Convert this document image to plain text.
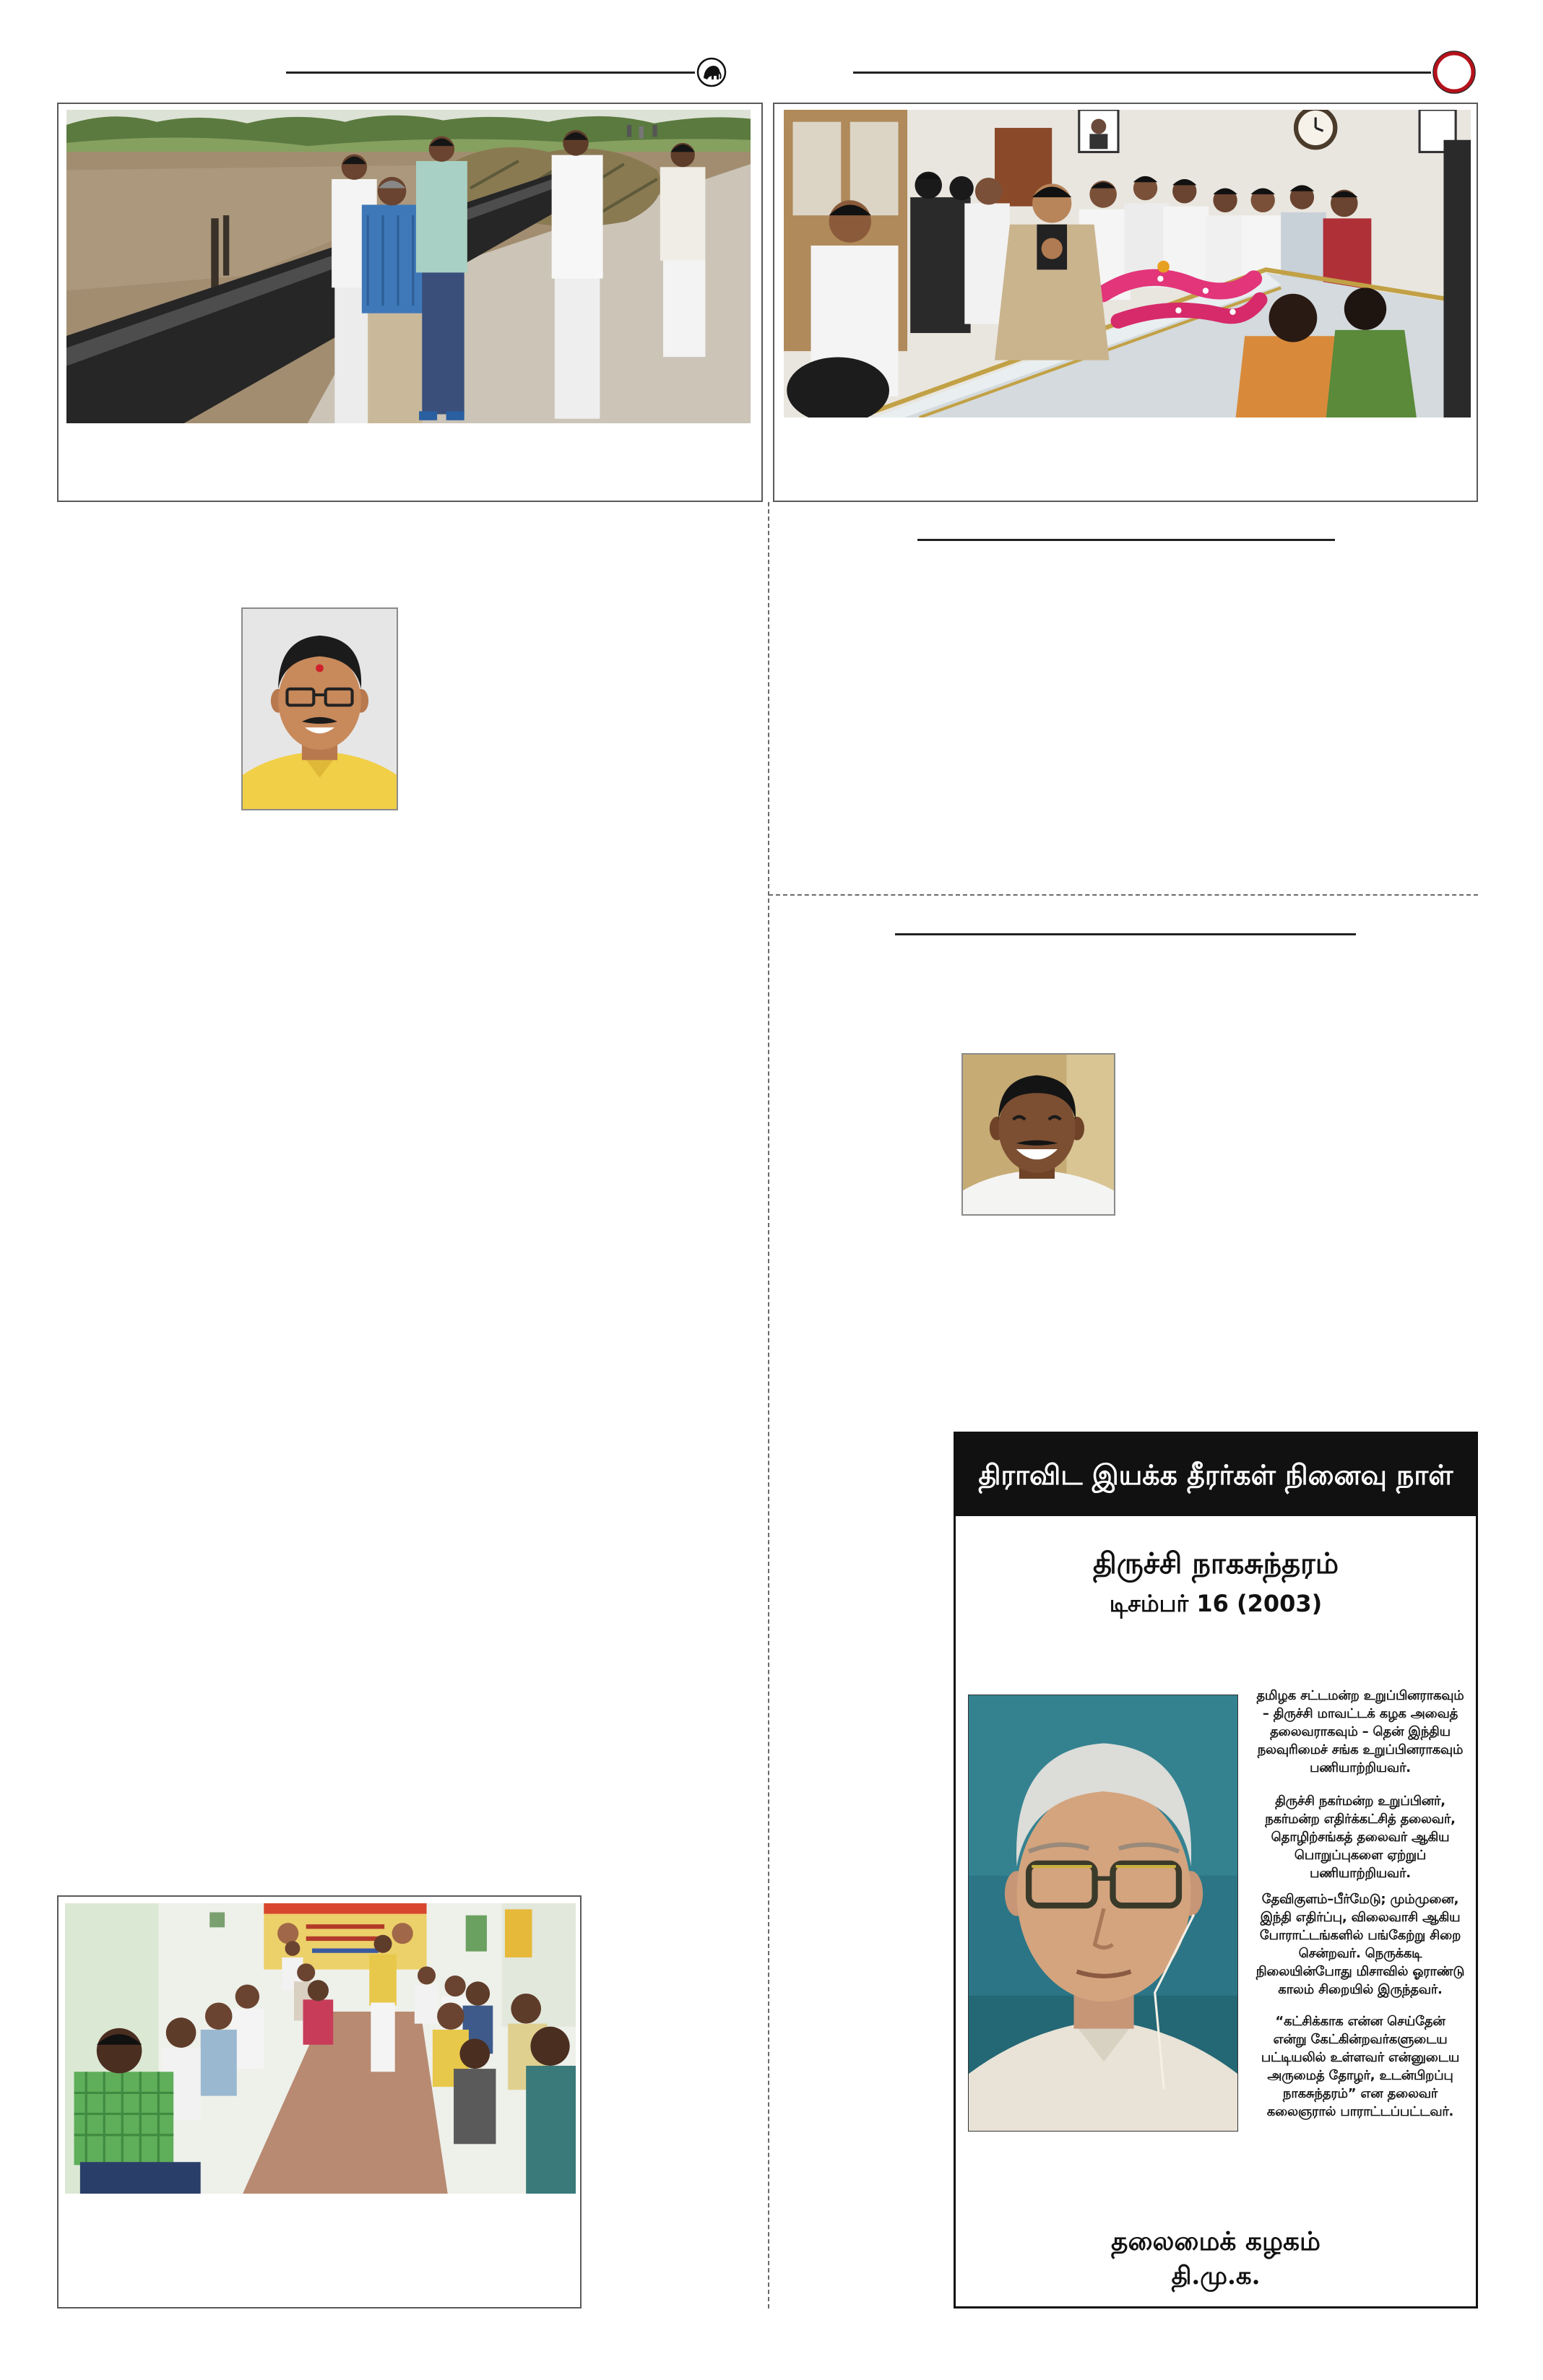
திராவிட இயக்க தீரர்கள் நினைவு நாள்
திருச்சி நாகசுந்தரம்
டிசம்பர் 16 (2003)
தமிழக சட்டமன்ற உறுப்பினராகவும்
– திருச்சி மாவட்டக் கழக அவைத்
தலைவராகவும் – தென் இந்திய
நலவுரிமைச் சங்க உறுப்பினராகவும்
பணியாற்றியவர்.
திருச்சி நகர்மன்ற உறுப்பினர்,
நகர்மன்ற எதிர்க்கட்சித் தலைவர்,
தொழிற்சங்கத் தலைவர் ஆகிய
பொறுப்புகளை ஏற்றுப்
பணியாற்றியவர்.
தேவிகுளம்–பீர்மேடு; மும்முனை,
இந்தி எதிர்ப்பு, விலைவாசி ஆகிய
போராட்டங்களில் பங்கேற்று சிறை
சென்றவர். நெருக்கடி
நிலையின்போது மிசாவில் ஓராண்டு
காலம் சிறையில் இருந்தவர்.
“கட்சிக்காக என்ன செய்தேன்
என்று கேட்கின்றவர்களுடைய
பட்டியலில் உள்ளவர் என்னுடைய
அருமைத் தோழர், உடன்பிறப்பு
நாகசுந்தரம்” என தலைவர்
கலைஞரால் பாராட்டப்பட்டவர்.
தலைமைக் கழகம்
தி.மு.க.
